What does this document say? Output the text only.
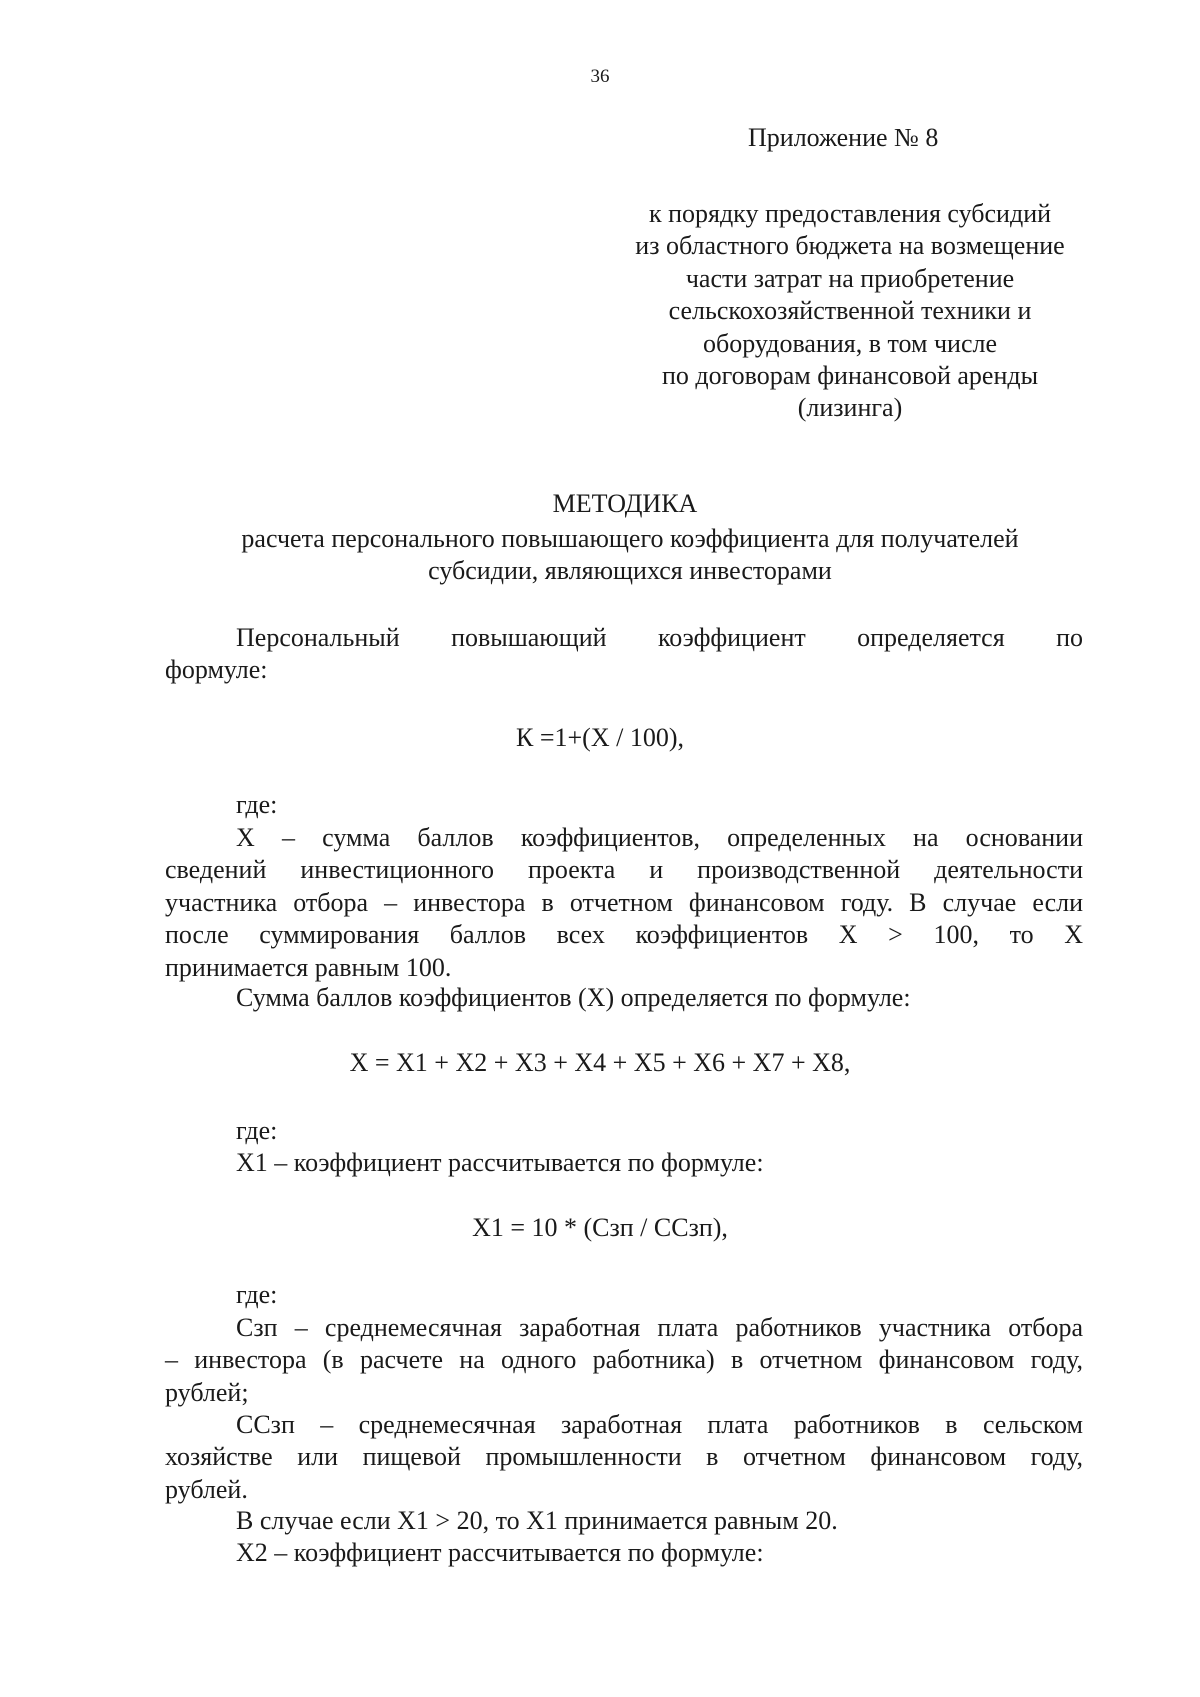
36
Приложение № 8
к порядку предоставления субсидий
из областного бюджета на возмещение
части затрат на приобретение
сельскохозяйственной техники и
оборудования, в том числе
по договорам финансовой аренды
(лизинга)
МЕТОДИКА
расчета персонального повышающего коэффициента для получателей
субсидии, являющихся инвесторами
Персональный повышающий коэффициент определяется по
формуле:
К =1+(Х / 100),
где:
Х – сумма баллов коэффициентов, определенных на основании
сведений инвестиционного проекта и производственной деятельности
участника отбора – инвестора в отчетном финансовом году. В случае если
после суммирования баллов всех коэффициентов Х > 100, то Х
принимается равным 100.
Сумма баллов коэффициентов (Х) определяется по формуле:
Х = Х1 + Х2 + Х3 + Х4 + Х5 + Х6 + Х7 + Х8,
где:
Х1 – коэффициент рассчитывается по формуле:
Х1 = 10 * (Сзп / ССзп),
где:
Сзп – среднемесячная заработная плата работников участника отбора
– инвестора (в расчете на одного работника) в отчетном финансовом году,
рублей;
ССзп – среднемесячная заработная плата работников в сельском
хозяйстве или пищевой промышленности в отчетном финансовом году,
рублей.
В случае если Х1 > 20, то Х1 принимается равным 20.
Х2 – коэффициент рассчитывается по формуле:
